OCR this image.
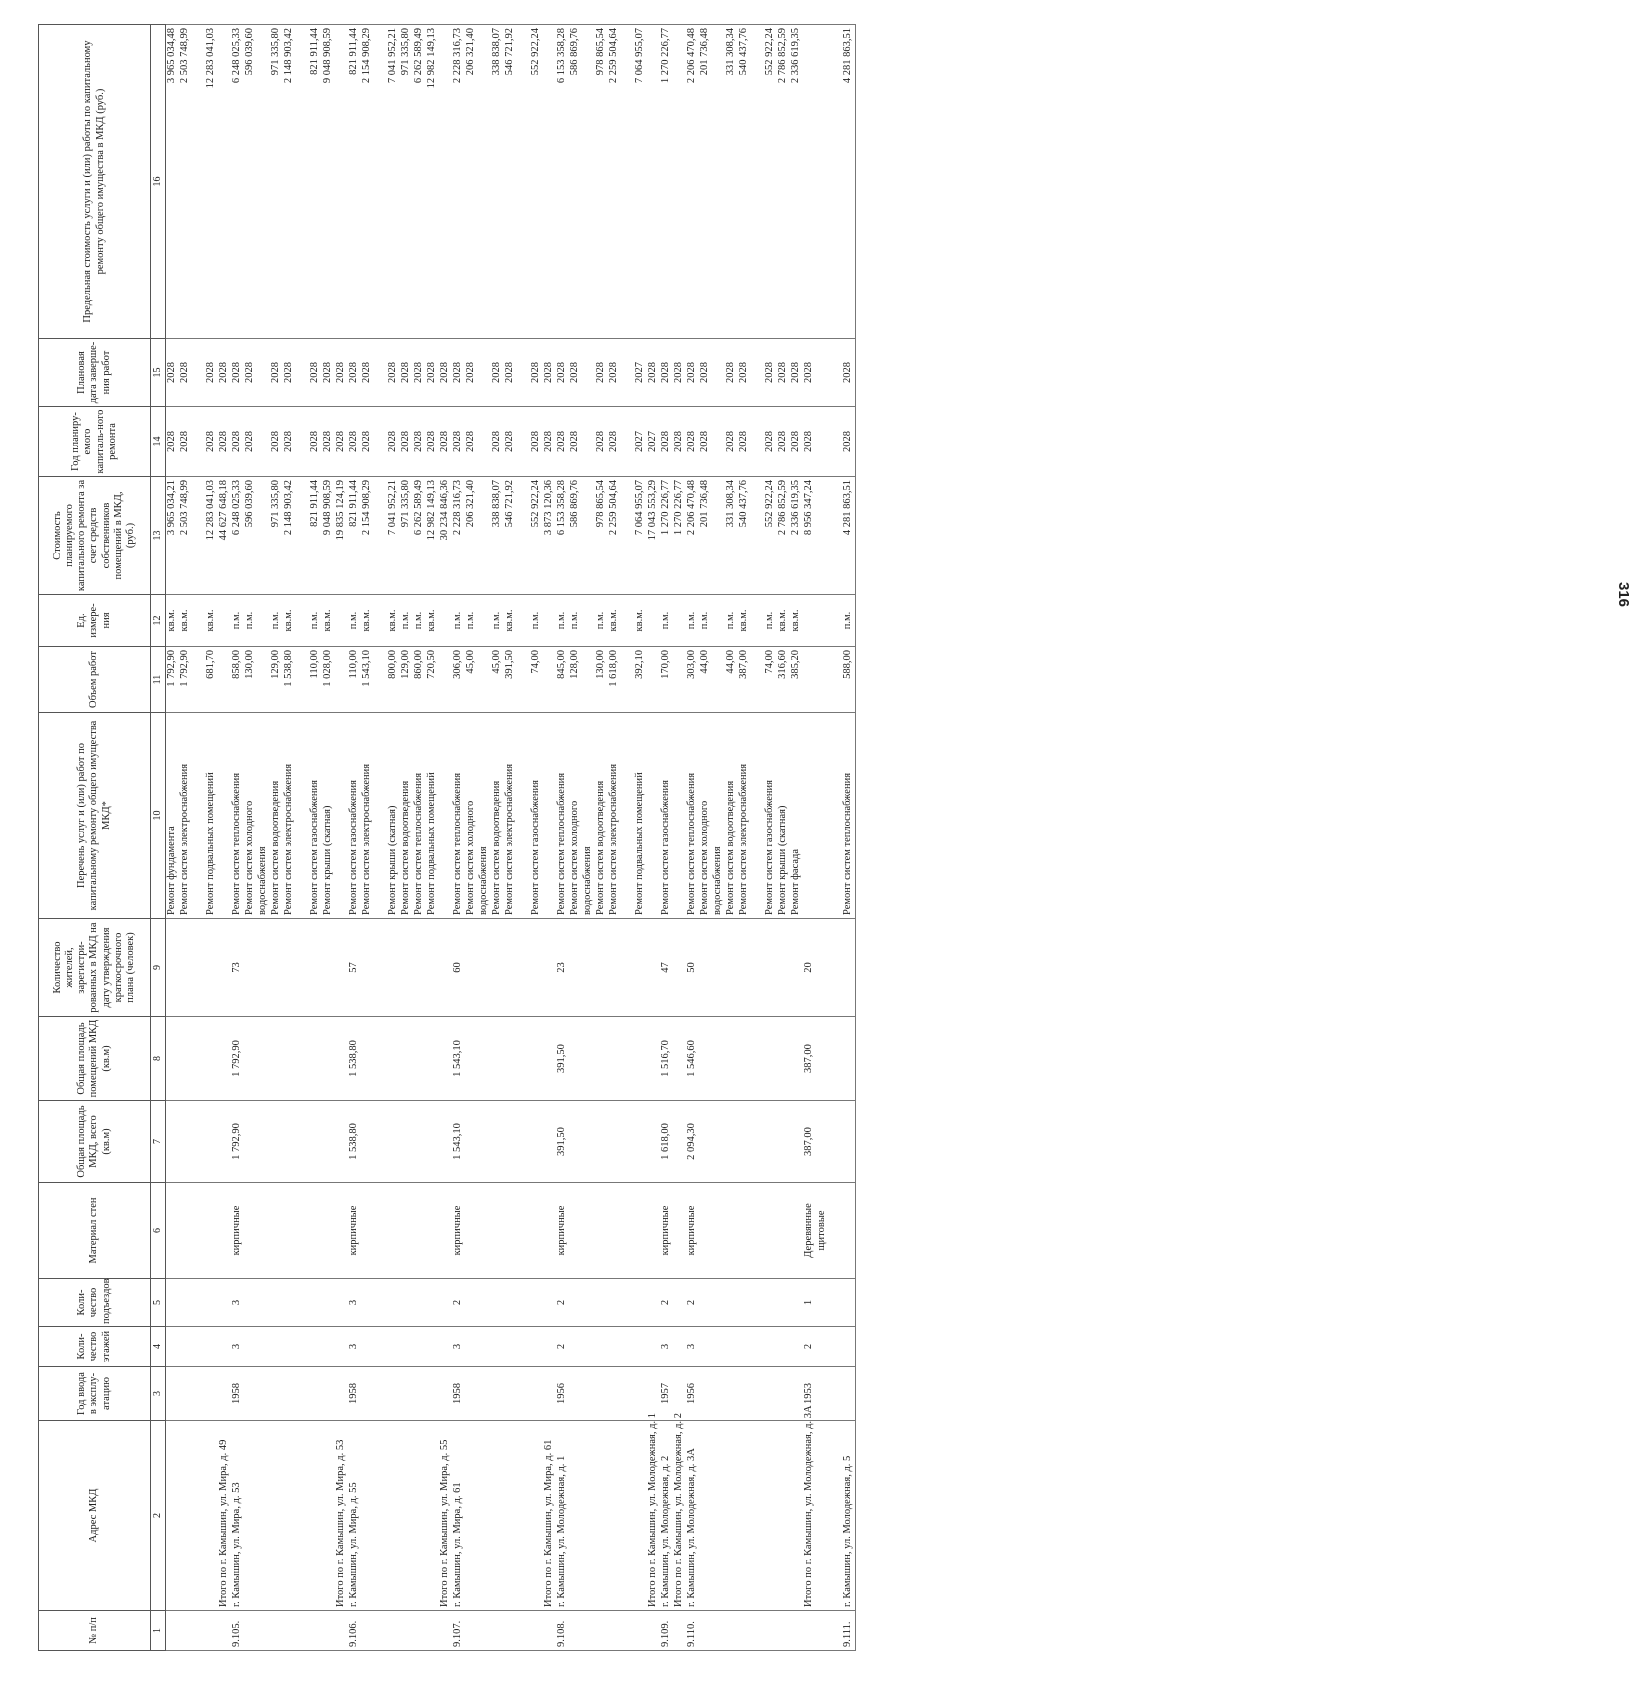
№ п/п	Адрес МКД	Год ввода в эксплу-атацию	Коли-чество этажей	Коли-чество подъездов	Материал стен	Общая площадь МКД, всего (кв.м)	Общая площадь помещений МКД (кв.м)	Количество жителей, зарегистри-рованных в МКД на дату утверждения краткосрочного плана (человек)	Перечень услуг и (или) работ по капитальному ремонту общего имущества МКД*	Объем работ	Ед. измере-ния	Стоимость планируемого капитального ремонта за счет средств собственников помещений в МКД, (руб.)	Год планиру-емого капиталь-ного ремонта	Плановая дата заверше-ния работ	Предельная стоимость услуги и (или) работы по капитальному ремонту общего имущества в МКД (руб.)
1	2	3	4	5	6	7	8	9	10	11	12	13	14	15	16
									Ремонт фундамента	1 792,90	кв.м.	3 965 034,21	2028	2028	3 965 034,48
									Ремонт систем электроснабжения	1 792,90	кв.м.	2 503 748,99	2028	2028	2 503 748,99

									Ремонт подвальных помещений	681,70	кв.м.	12 283 041,03	2028	2028	12 283 041,03
	Итого по г. Камышин, ул. Мира, д. 49											44 627 648,18	2028	2028	
9.105.	г. Камышин, ул. Мира, д. 53	1958	3	3	кирпичные	1 792,90	1 792,90	73	Ремонт систем теплоснабжения	858,00	п.м.	6 248 025,33	2028	2028	6 248 025,33
									Ремонт систем холодного	130,00	п.м.	596 039,60	2028	2028	596 039,60
									водоснабжения						
									Ремонт систем водоотведения	129,00	п.м.	971 335,80	2028	2028	971 335,80
									Ремонт систем электроснабжения	1 538,80	кв.м.	2 148 903,42	2028	2028	2 148 903,42

									Ремонт систем газоснабжения	110,00	п.м.	821 911,44	2028	2028	821 911,44
									Ремонт крыши (скатная)	1 028,00	кв.м.	9 048 908,59	2028	2028	9 048 908,59
	Итого по г. Камышин, ул. Мира, д. 53											19 835 124,19	2028	2028	
9.106.	г. Камышин, ул. Мира, д. 55	1958	3	3	кирпичные	1 538,80	1 538,80	57	Ремонт систем газоснабжения	110,00	п.м.	821 911,44	2028	2028	821 911,44
									Ремонт систем электроснабжения	1 543,10	кв.м.	2 154 908,29	2028	2028	2 154 908,29

									Ремонт крыши (скатная)	800,00	кв.м.	7 041 952,21	2028	2028	7 041 952,21
									Ремонт систем водоотведения	129,00	п.м.	971 335,80	2028	2028	971 335,80
									Ремонт систем теплоснабжения	860,00	п.м.	6 262 589,49	2028	2028	6 262 589,49
									Ремонт подвальных помещений	720,50	кв.м.	12 982 149,13	2028	2028	12 982 149,13
	Итого по г. Камышин, ул. Мира, д. 55											30 234 846,36	2028	2028	
9.107.	г. Камышин, ул. Мира, д. 61	1958	3	2	кирпичные	1 543,10	1 543,10	60	Ремонт систем теплоснабжения	306,00	п.м.	2 228 316,73	2028	2028	2 228 316,73
									Ремонт систем холодного	45,00	п.м.	206 321,40	2028	2028	206 321,40
									водоснабжения						
									Ремонт систем водоотведения	45,00	п.м.	338 838,07	2028	2028	338 838,07
									Ремонт систем электроснабжения	391,50	кв.м.	546 721,92	2028	2028	546 721,92

									Ремонт систем газоснабжения	74,00	п.м.	552 922,24	2028	2028	552 922,24
	Итого по г. Камышин, ул. Мира, д. 61											3 873 120,36	2028	2028	
9.108.	г. Камышин, ул. Молодежная, д. 1	1956	2	2	кирпичные	391,50	391,50	23	Ремонт систем теплоснабжения	845,00	п.м.	6 153 358,28	2028	2028	6 153 358,28
									Ремонт систем холодного	128,00	п.м.	586 869,76	2028	2028	586 869,76
									водоснабжения						
									Ремонт систем водоотведения	130,00	п.м.	978 865,54	2028	2028	978 865,54
									Ремонт систем электроснабжения	1 618,00	кв.м.	2 259 504,64	2028	2028	2 259 504,64

									Ремонт подвальных помещений	392,10	кв.м.	7 064 955,07	2027	2027	7 064 955,07
	Итого по г. Камышин, ул. Молодежная, д. 1											17 043 553,29	2027	2028	
9.109.	г. Камышин, ул. Молодежная, д. 2	1957	3	2	кирпичные	1 618,00	1 516,70	47	Ремонт систем газоснабжения	170,00	п.м.	1 270 226,77	2028	2028	1 270 226,77
	Итого по г. Камышин, ул. Молодежная, д. 2											1 270 226,77	2028	2028	
9.110.	г. Камышин, ул. Молодежная, д. 3А	1956	3	2	кирпичные	2 094,30	1 546,60	50	Ремонт систем теплоснабжения	303,00	п.м.	2 206 470,48	2028	2028	2 206 470,48
									Ремонт систем холодного	44,00	п.м.	201 736,48	2028	2028	201 736,48
									водоснабжения						
									Ремонт систем водоотведения	44,00	п.м.	331 308,34	2028	2028	331 308,34
									Ремонт систем электроснабжения	387,00	кв.м.	540 437,76	2028	2028	540 437,76

									Ремонт систем газоснабжения	74,00	п.м.	552 922,24	2028	2028	552 922,24
									Ремонт крыши (скатная)	316,60	кв.м.	2 786 852,59	2028	2028	2 786 852,59
									Ремонт фасада	385,20	кв.м.	2 336 619,35	2028	2028	2 336 619,35
	Итого по г. Камышин, ул. Молодежная, д. 3А	1953	2	1	Деревянные	387,00	387,00	20				8 956 347,24	2028	2028	
					щитовые										

9.111.	г. Камышин, ул. Молодежная, д. 5								Ремонт систем теплоснабжения	588,00	п.м.	4 281 863,51	2028	2028	4 281 863,51
316
